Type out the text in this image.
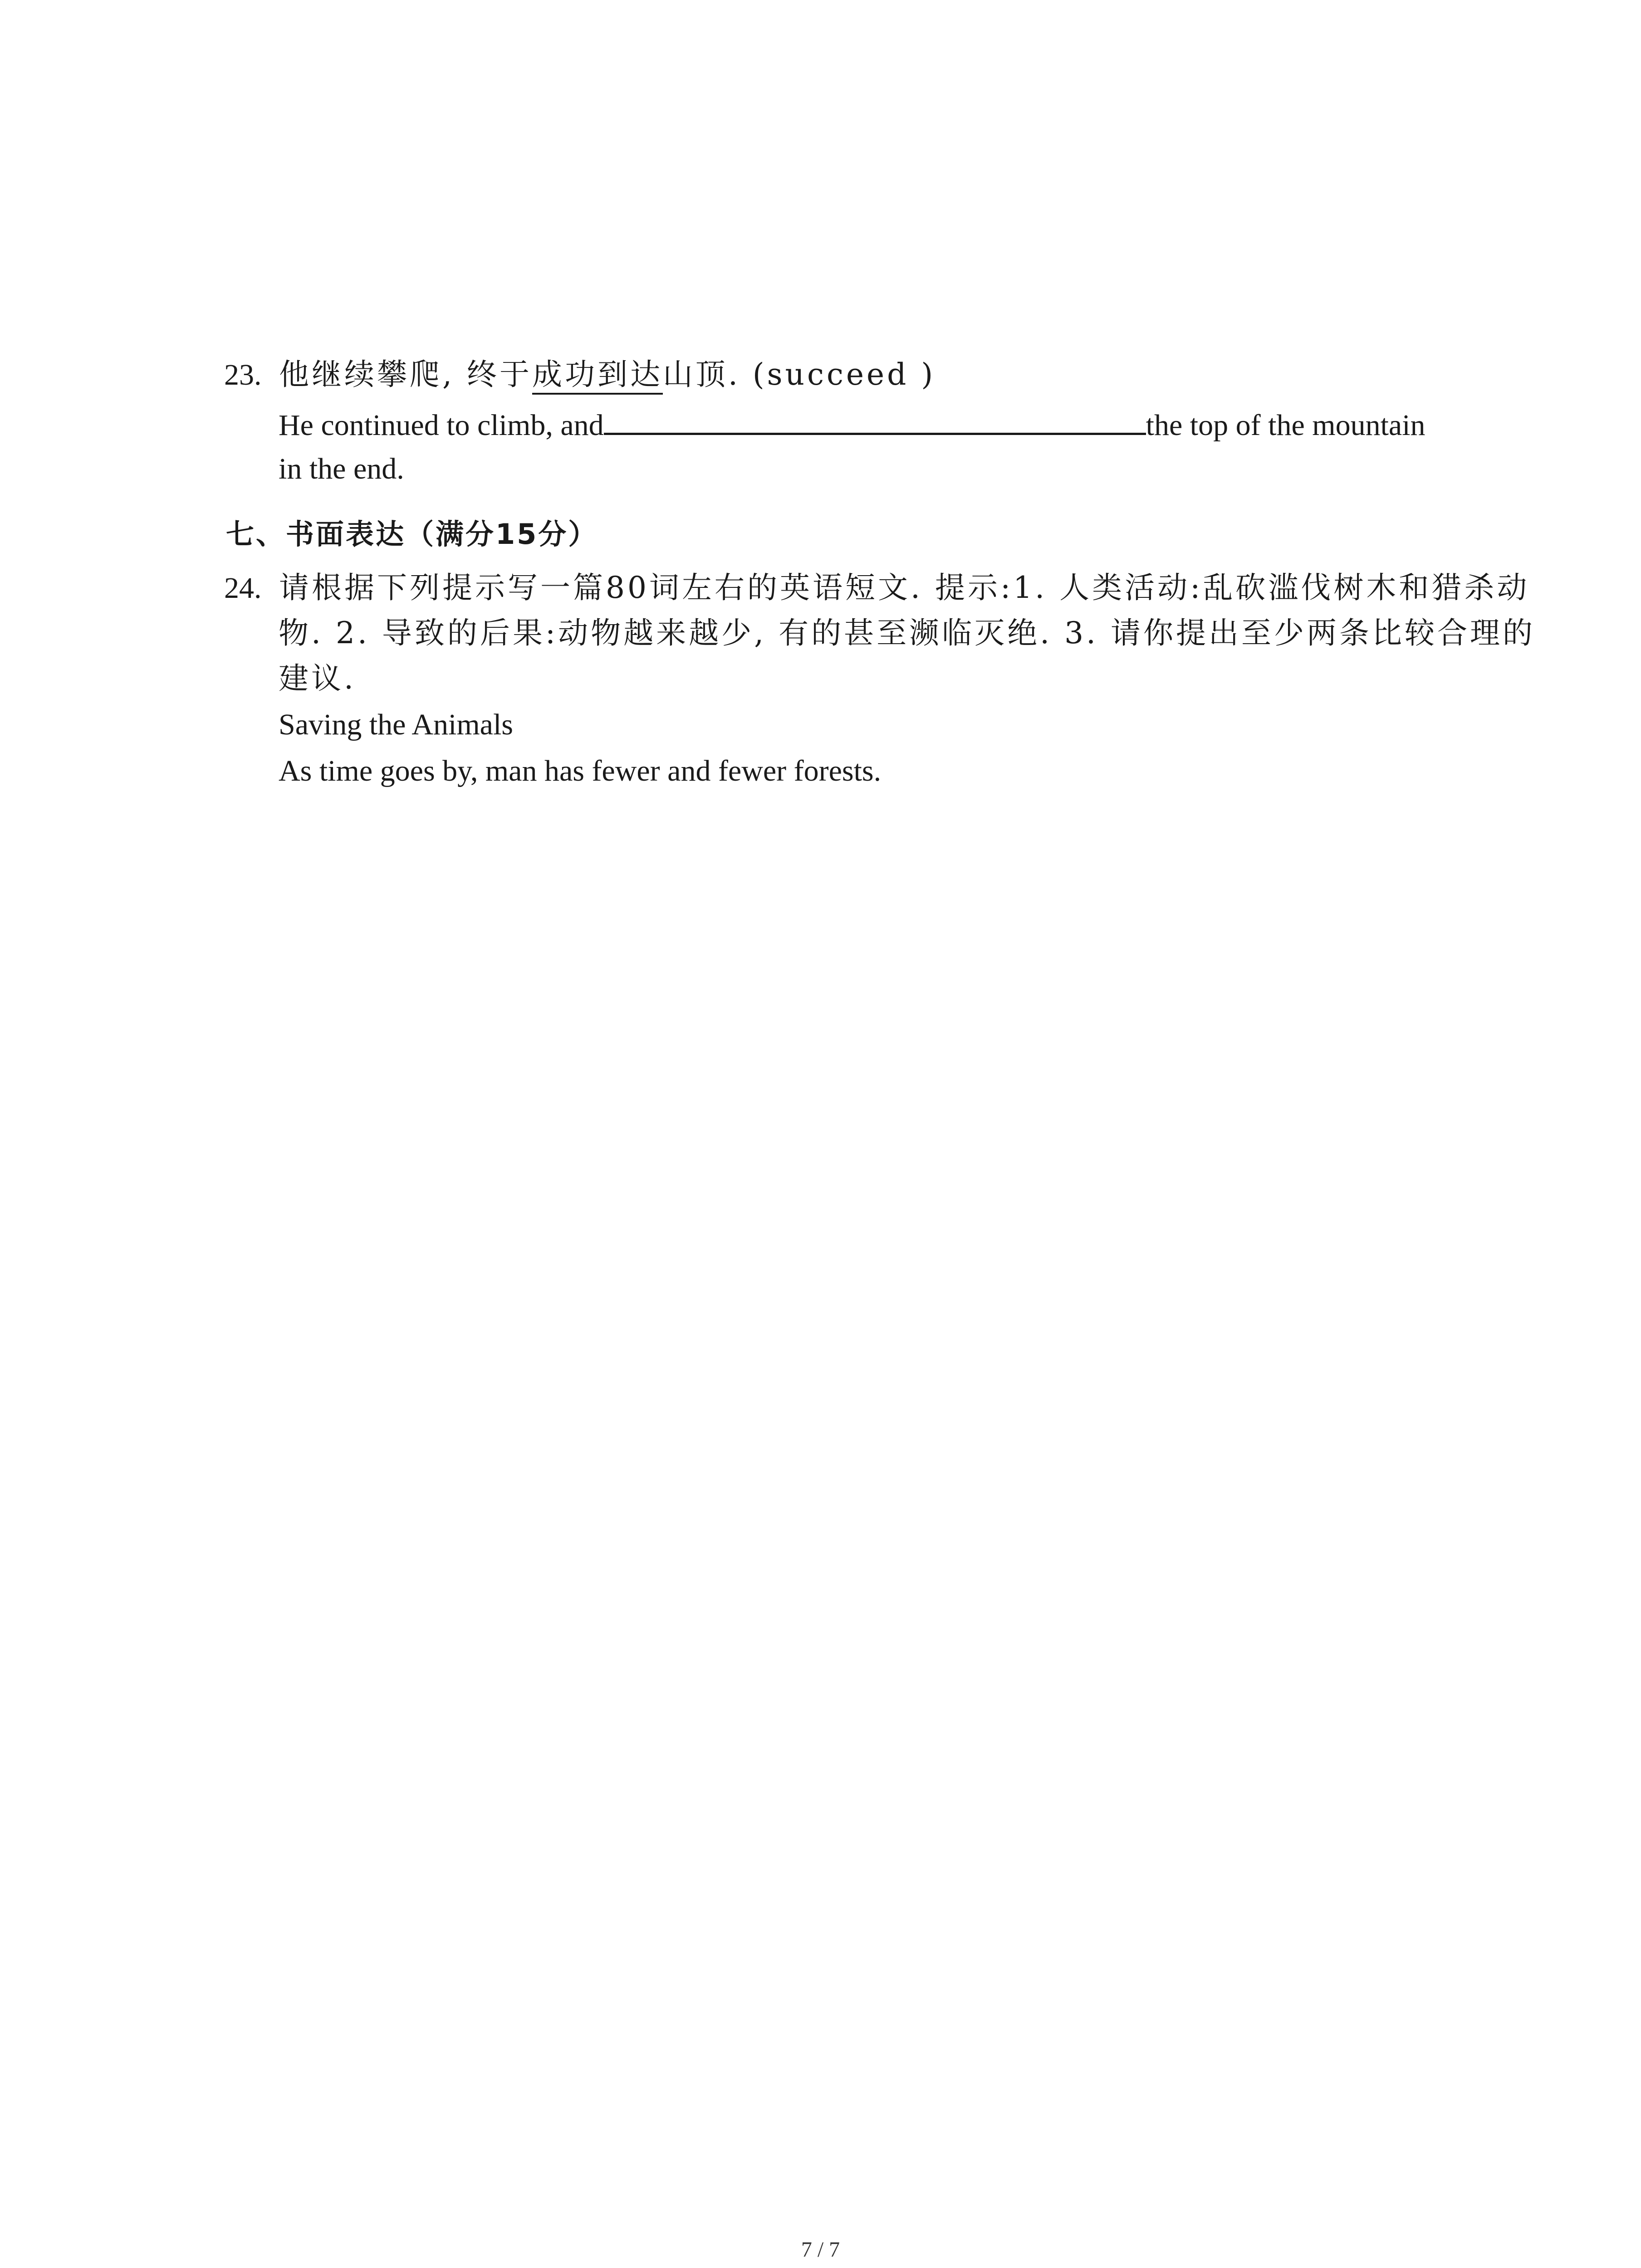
23. 他继续攀爬, 终于成功到达山顶. (succeed )
He continued to climb, and	the top of the mountain
in the end.
七、书面表达（满分15分）
24. 请根据下列提示写一篇80词左右的英语短文. 提示:1. 人类活动:乱砍滥伐树木和猎杀动
物. 2. 导致的后果:动物越来越少, 有的甚至濒临灭绝. 3. 请你提出至少两条比较合理的
建议.
Saving the Animals
As time goes by, man has fewer and fewer forests.
7 / 7
